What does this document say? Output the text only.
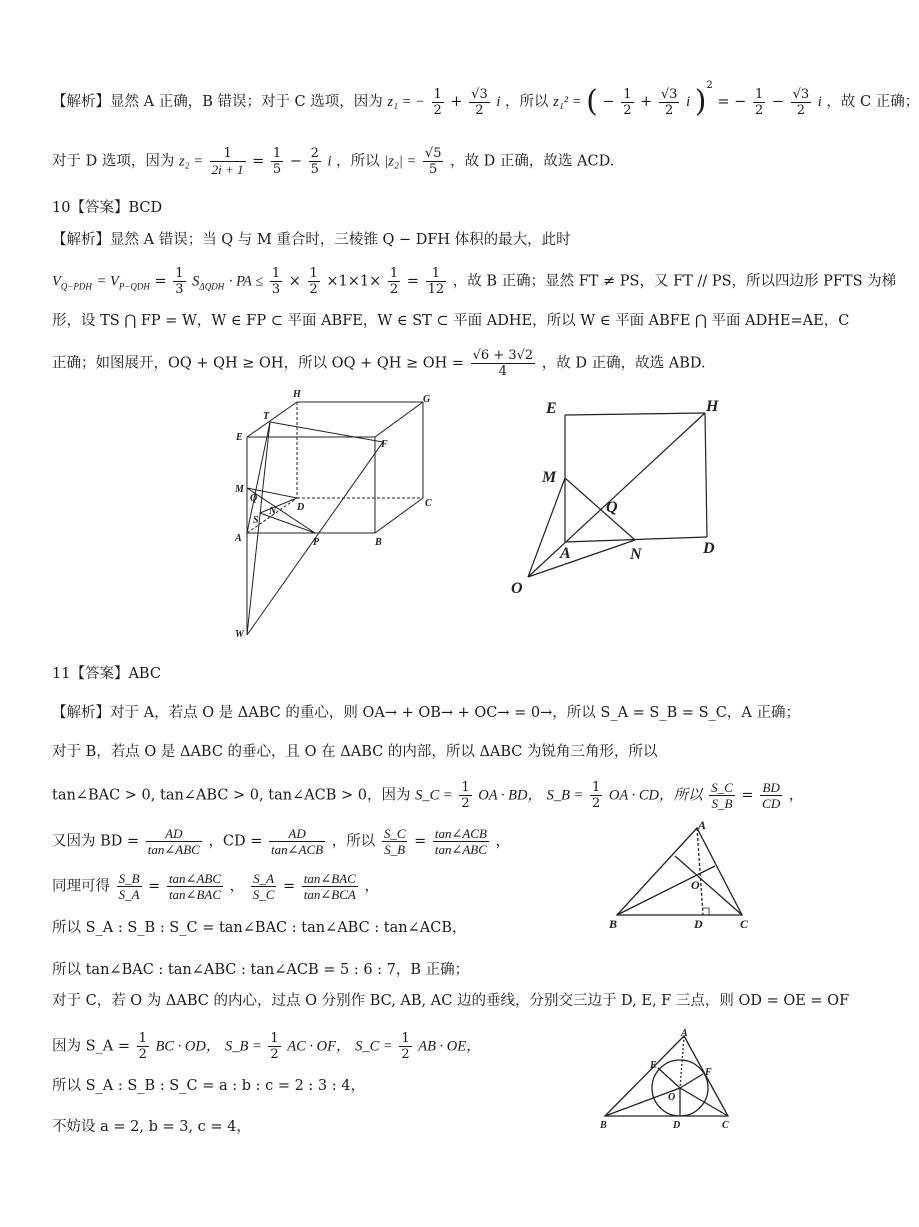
【解析】显然 A 正确，B 错误；对于 C 选项，因为 z₁ = − $\frac{1}{2} + \frac{√3}{2}$ i ，所以 z₁² = ( − $\frac{1}{2} + \frac{√3}{2}$ i )$^2$ = − $\frac{1}{2} - \frac{√3}{2}$ i ，故 C 正确；
对于 D 选项，因为 $z_2 = \frac{1}{2i + 1} = \frac{1}{5} - \frac{2}{5}$ i ，所以 $|z_2| = \frac{√5}{5}$ ，故 D 正确，故选 ACD.
10【答案】BCD
【解析】显然 A 错误；当 Q 与 M 重合时，三棱锥 Q − DFH 体积的最大，此时
$V_{Q-PDH} = V_{P-QDH} = \frac{1}{3} S_{\Delta QDH}$ · PA ≤ $\frac{1}{3} \times \frac{1}{2} \times 1\times 1\times \frac{1}{2} = \frac{1}{12}$ ，故 B 正确；显然 FT ≠ PS，又 FT // PS，所以四边形 PFTS 为梯
形，设 TS ⋂ FP = W，W ∈ FP ⊂ 平面 ABFE，W ∈ ST ⊂ 平面 ADHE，所以 W ∈ 平面 ABFE ⋂ 平面 ADHE=AE，C
正确；如图展开，OQ + QH ≥ OH，所以 OQ + QH ≥ OH = $\frac{√6 + 3√2}{4}$ ，故 D 正确，故选 ABD.
H	G
T
E
F
M
Q
N D	C
S
A	P	B
W
E	H
M
Q
A	N	D
O
11【答案】ABC
【解析】对于 A，若点 O 是 ΔABC 的重心，则 OA→ + OB→ + OC→ = 0→，所以 S_A = S_B = S_C，A 正确；
对于 B，若点 O 是 ΔABC 的垂心，且 O 在 ΔABC 的内部，所以 ΔABC 为锐角三角形，所以
tan∠BAC > 0, tan∠ABC > 0, tan∠ACB > 0，因为 S_C = $\frac{1}{2}$ OA · BD， S_B = $\frac{1}{2}$ OA · CD，所以 $\frac{S\_C}{S\_B} = \frac{BD}{CD}$ ，
又因为 BD = $\frac{AD}{\text{tan∠ABC}}$ ，CD = $\frac{AD}{\text{tan∠ACB}}$ ，所以 $\frac{S\_C}{S\_B} = \frac{\text{tan∠ACB}}{\text{tan∠ABC}}$ ，
同理可得 $\frac{S\_B}{S\_A} = \frac{\text{tan∠ABC}}{\text{tan∠BAC}}$ ， $\frac{S\_A}{S\_C} = \frac{\text{tan∠BAC}}{\text{tan∠BCA}}$ ，
所以 S_A : S_B : S_C = tan∠BAC : tan∠ABC : tan∠ACB，
所以 tan∠BAC : tan∠ABC : tan∠ACB = 5 : 6 : 7，B 正确；
对于 C，若 O 为 ΔABC 的内心，过点 O 分别作 BC, AB, AC 边的垂线，分别交三边于 D, E, F 三点，则 OD = OE = OF
因为 S_A = $\frac{1}{2}$ BC · OD， S_B = $\frac{1}{2}$ AC · OF， S_C = $\frac{1}{2}$ AB · OE，
所以 S_A : S_B : S_C = a : b : c = 2 : 3 : 4，
不妨设 a = 2, b = 3, c = 4，
A
O
B	D	C
A
E
F
O
B	D	C
